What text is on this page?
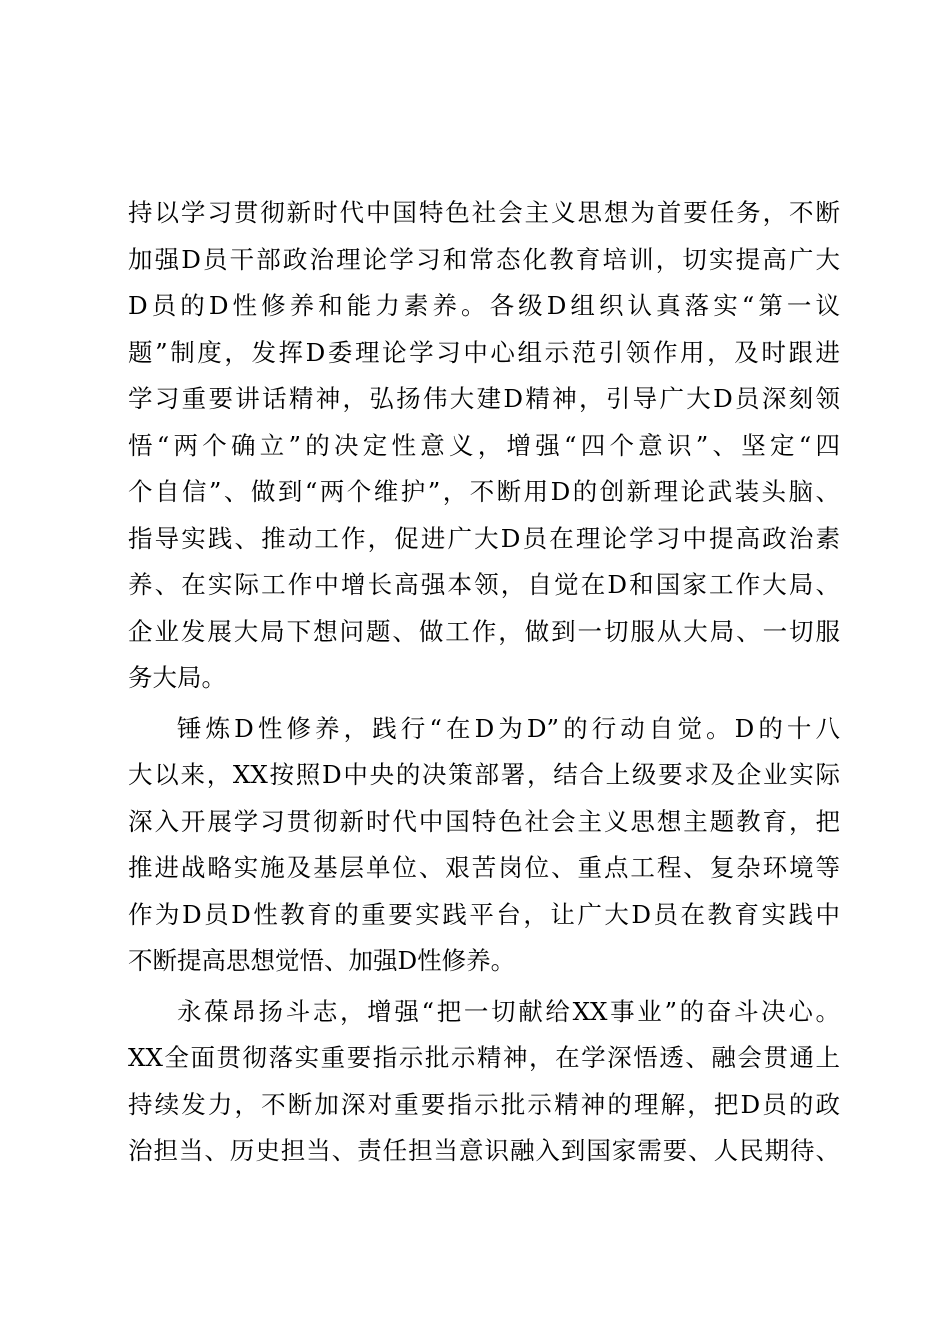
持以学习贯彻新时代中国特色社会主义思想为首要任务，不断
加强D员干部政治理论学习和常态化教育培训，切实提高广大
D员的D性修养和能力素养。各级D组织认真落实“第一议
题”制度，发挥D委理论学习中心组示范引领作用，及时跟进
学习重要讲话精神，弘扬伟大建D精神，引导广大D员深刻领
悟“两个确立”的决定性意义，增强“四个意识”、坚定“四
个自信”、做到“两个维护”，不断用D的创新理论武装头脑、
指导实践、推动工作，促进广大D员在理论学习中提高政治素
养、在实际工作中增长高强本领，自觉在D和国家工作大局、
企业发展大局下想问题、做工作，做到一切服从大局、一切服
务大局。

锤炼D性修养，践行“在D为D”的行动自觉。D的十八
大以来，XX按照D中央的决策部署，结合上级要求及企业实际
深入开展学习贯彻新时代中国特色社会主义思想主题教育，把
推进战略实施及基层单位、艰苦岗位、重点工程、复杂环境等
作为D员D性教育的重要实践平台，让广大D员在教育实践中
不断提高思想觉悟、加强D性修养。

永葆昂扬斗志，增强“把一切献给XX事业”的奋斗决心。
XX全面贯彻落实重要指示批示精神，在学深悟透、融会贯通上
持续发力，不断加深对重要指示批示精神的理解，把D员的政
治担当、历史担当、责任担当意识融入到国家需要、人民期待、
